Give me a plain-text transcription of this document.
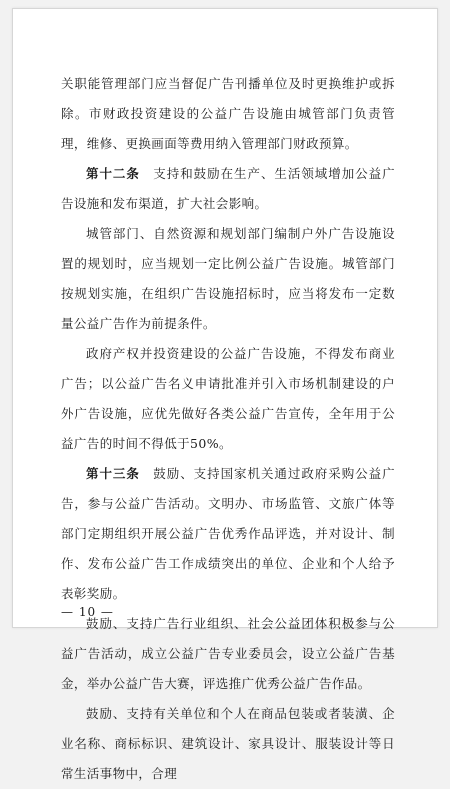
关职能管理部门应当督促广告刊播单位及时更换维护或拆除。市财政投资建设的公益广告设施由城管部门负责管理，维修、更换画面等费用纳入管理部门财政预算。

第十二条  支持和鼓励在生产、生活领域增加公益广告设施和发布渠道，扩大社会影响。

城管部门、自然资源和规划部门编制户外广告设施设置的规划时，应当规划一定比例公益广告设施。城管部门按规划实施，在组织广告设施招标时，应当将发布一定数量公益广告作为前提条件。

政府产权并投资建设的公益广告设施，不得发布商业广告；以公益广告名义申请批准并引入市场机制建设的户外广告设施，应优先做好各类公益广告宣传，全年用于公益广告的时间不得低于50%。

第十三条  鼓励、支持国家机关通过政府采购公益广告，参与公益广告活动。文明办、市场监管、文旅广体等部门定期组织开展公益广告优秀作品评选，并对设计、制作、发布公益广告工作成绩突出的单位、企业和个人给予表彰奖励。

鼓励、支持广告行业组织、社会公益团体积极参与公益广告活动，成立公益广告专业委员会，设立公益广告基金，举办公益广告大赛，评选推广优秀公益广告作品。

鼓励、支持有关单位和个人在商品包装或者装潢、企业名称、商标标识、建筑设计、家具设计、服装设计等日常生活事物中，合理

— 10 —
